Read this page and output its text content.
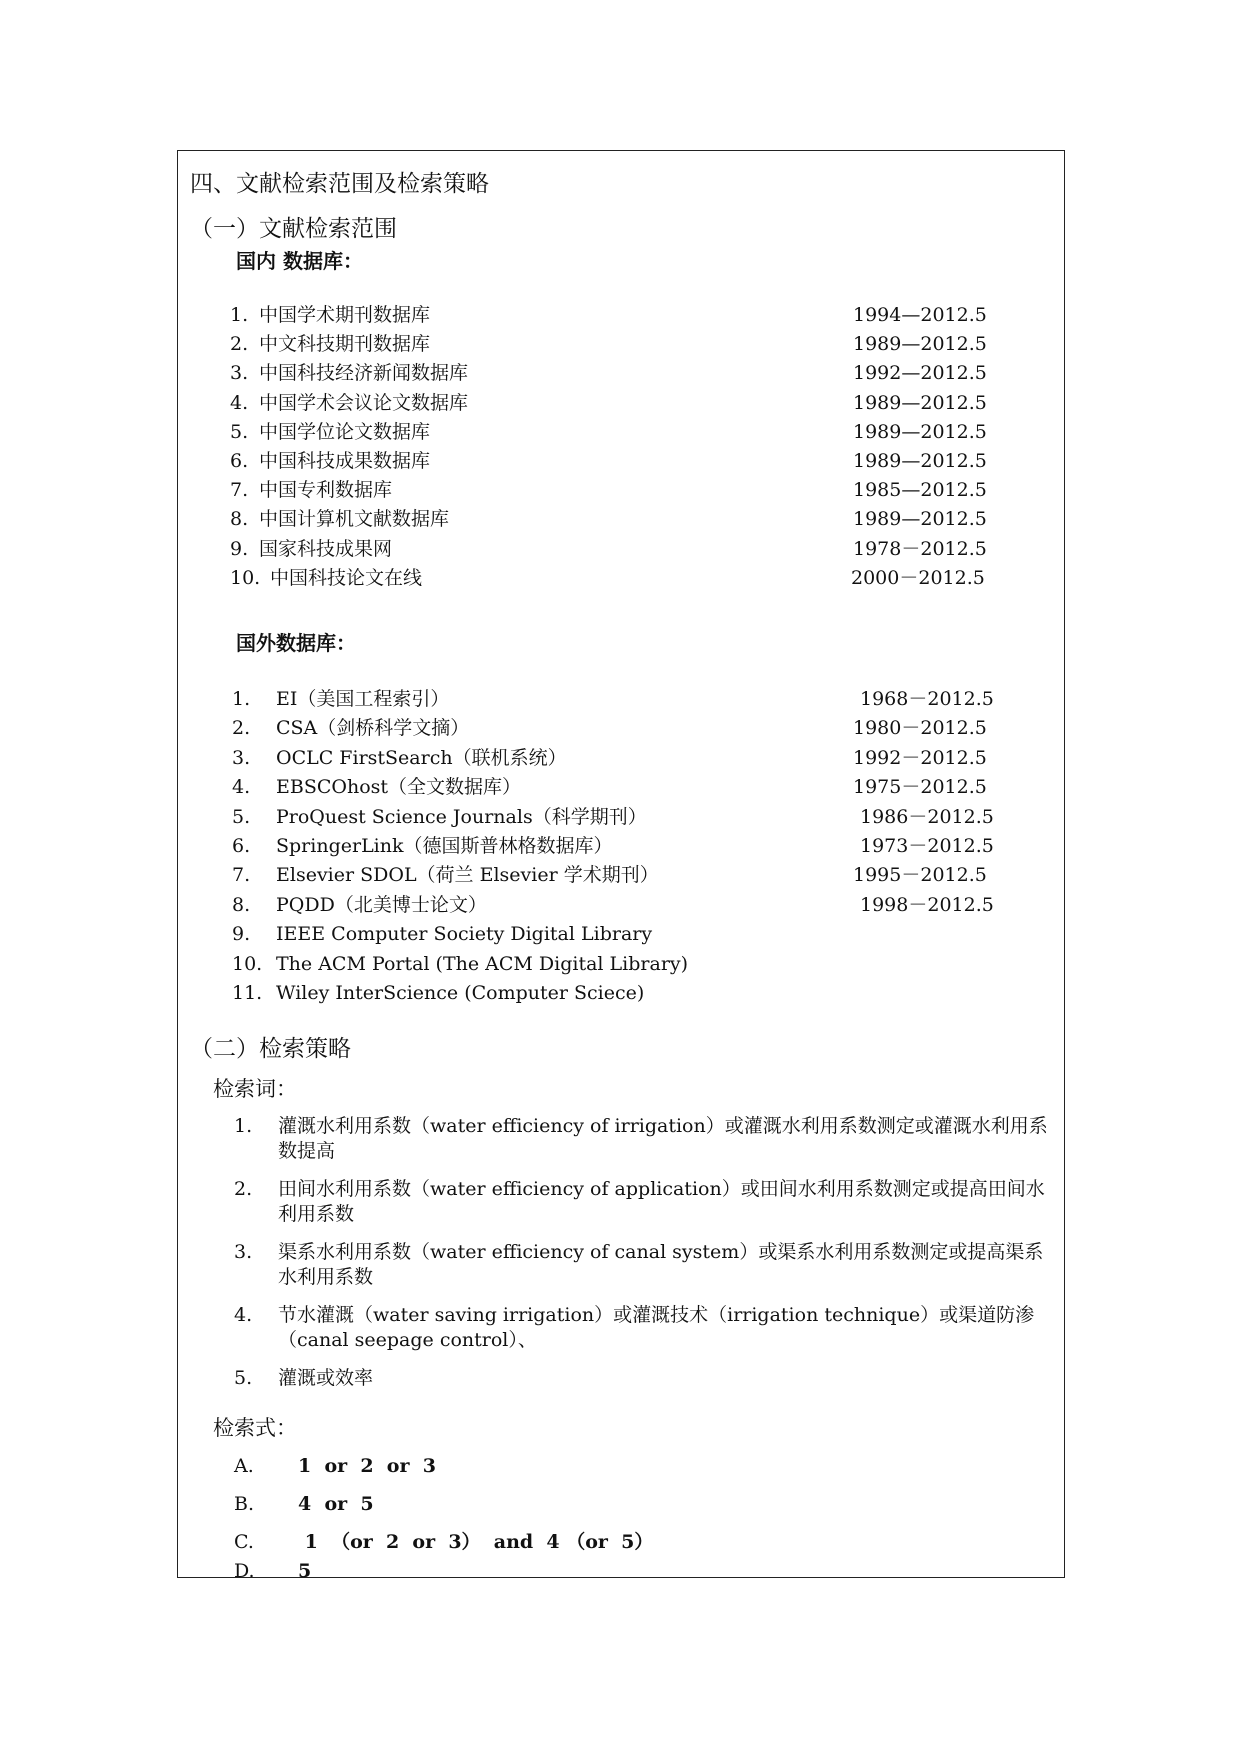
四、文献检索范围及检索策略
（一）文献检索范围
国内 数据库：
1. 中国学术期刊数据库	1994—2012.5
2. 中文科技期刊数据库	1989—2012.5
3. 中国科技经济新闻数据库	1992—2012.5
4. 中国学术会议论文数据库	1989—2012.5
5. 中国学位论文数据库	1989—2012.5
6. 中国科技成果数据库	1989—2012.5
7. 中国专利数据库	1985—2012.5
8. 中国计算机文献数据库	1989—2012.5
9. 国家科技成果网	1978－2012.5
10. 中国科技论文在线	2000－2012.5
国外数据库：
1. EI（美国工程索引）	1968－2012.5
2. CSA（剑桥科学文摘）	1980－2012.5
3. OCLC FirstSearch（联机系统）	1992－2012.5
4. EBSCOhost（全文数据库）	1975－2012.5
5. ProQuest Science Journals（科学期刊）	1986－2012.5
6. SpringerLink（德国斯普林格数据库）	1973－2012.5
7. Elsevier SDOL（荷兰 Elsevier 学术期刊）	1995－2012.5
8. PQDD（北美博士论文）	1998－2012.5
9. IEEE Computer Society Digital Library
10. The ACM Portal (The ACM Digital Library)
11. Wiley InterScience (Computer Sciece)
（二）检索策略
检索词：
1. 灌溉水利用系数（water efficiency of irrigation）或灌溉水利用系数测定或灌溉水利用系数提高
2. 田间水利用系数（water efficiency of application）或田间水利用系数测定或提高田间水利用系数
3. 渠系水利用系数（water efficiency of canal system）或渠系水利用系数测定或提高渠系水利用系数
4. 节水灌溉（water saving irrigation）或灌溉技术（irrigation technique）或渠道防渗（canal seepage control）、
5. 灌溉或效率
检索式：
A. 1  or  2  or  3
B. 4  or  5
C. 1  （or  2  or  3）  and  4 （or  5）
D. 5
